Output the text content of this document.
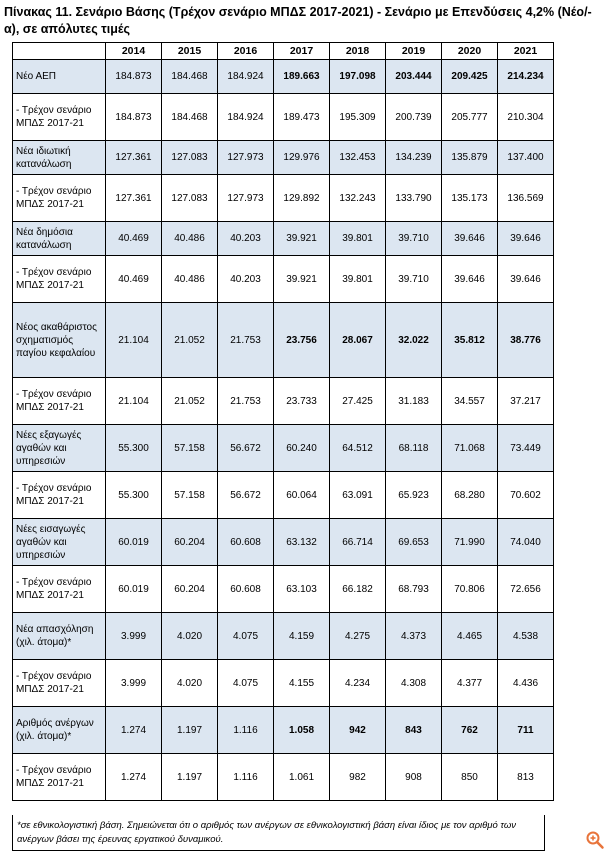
Πίνακας 11. Σενάριο Βάσης (Τρέχον σενάριο ΜΠΔΣ 2017-2021) - Σενάριο με Επενδύσεις 4,2% (Νέο/-α), σε απόλυτες τιμές
	2014	2015	2016	2017	2018	2019	2020	2021
Νέο ΑΕΠ	184.873	184.468	184.924	189.663	197.098	203.444	209.425	214.234
- Τρέχον σενάριο ΜΠΔΣ 2017-21	184.873	184.468	184.924	189.473	195.309	200.739	205.777	210.304
Νέα ιδιωτική κατανάλωση	127.361	127.083	127.973	129.976	132.453	134.239	135.879	137.400
- Τρέχον σενάριο ΜΠΔΣ 2017-21	127.361	127.083	127.973	129.892	132.243	133.790	135.173	136.569
Νέα δημόσια κατανάλωση	40.469	40.486	40.203	39.921	39.801	39.710	39.646	39.646
- Τρέχον σενάριο ΜΠΔΣ 2017-21	40.469	40.486	40.203	39.921	39.801	39.710	39.646	39.646
Νέος ακαθάριστος σχηματισμός παγίου κεφαλαίου	21.104	21.052	21.753	23.756	28.067	32.022	35.812	38.776
- Τρέχον σενάριο ΜΠΔΣ 2017-21	21.104	21.052	21.753	23.733	27.425	31.183	34.557	37.217
Νέες εξαγωγές αγαθών και υπηρεσιών	55.300	57.158	56.672	60.240	64.512	68.118	71.068	73.449
- Τρέχον σενάριο ΜΠΔΣ 2017-21	55.300	57.158	56.672	60.064	63.091	65.923	68.280	70.602
Νέες εισαγωγές αγαθών και υπηρεσιών	60.019	60.204	60.608	63.132	66.714	69.653	71.990	74.040
- Τρέχον σενάριο ΜΠΔΣ 2017-21	60.019	60.204	60.608	63.103	66.182	68.793	70.806	72.656
Νέα απασχόληση (χιλ. άτομα)*	3.999	4.020	4.075	4.159	4.275	4.373	4.465	4.538
- Τρέχον σενάριο ΜΠΔΣ 2017-21	3.999	4.020	4.075	4.155	4.234	4.308	4.377	4.436
Αριθμός ανέργων (χιλ. άτομα)*	1.274	1.197	1.116	1.058	942	843	762	711
- Τρέχον σενάριο ΜΠΔΣ 2017-21	1.274	1.197	1.116	1.061	982	908	850	813
*σε εθνικολογιστική βάση. Σημειώνεται ότι ο αριθμός των ανέργων σε εθνικολογιστική βάση είναι ίδιος με τον αριθμό των ανέργων βάσει της έρευνας εργατικού δυναμικού.
